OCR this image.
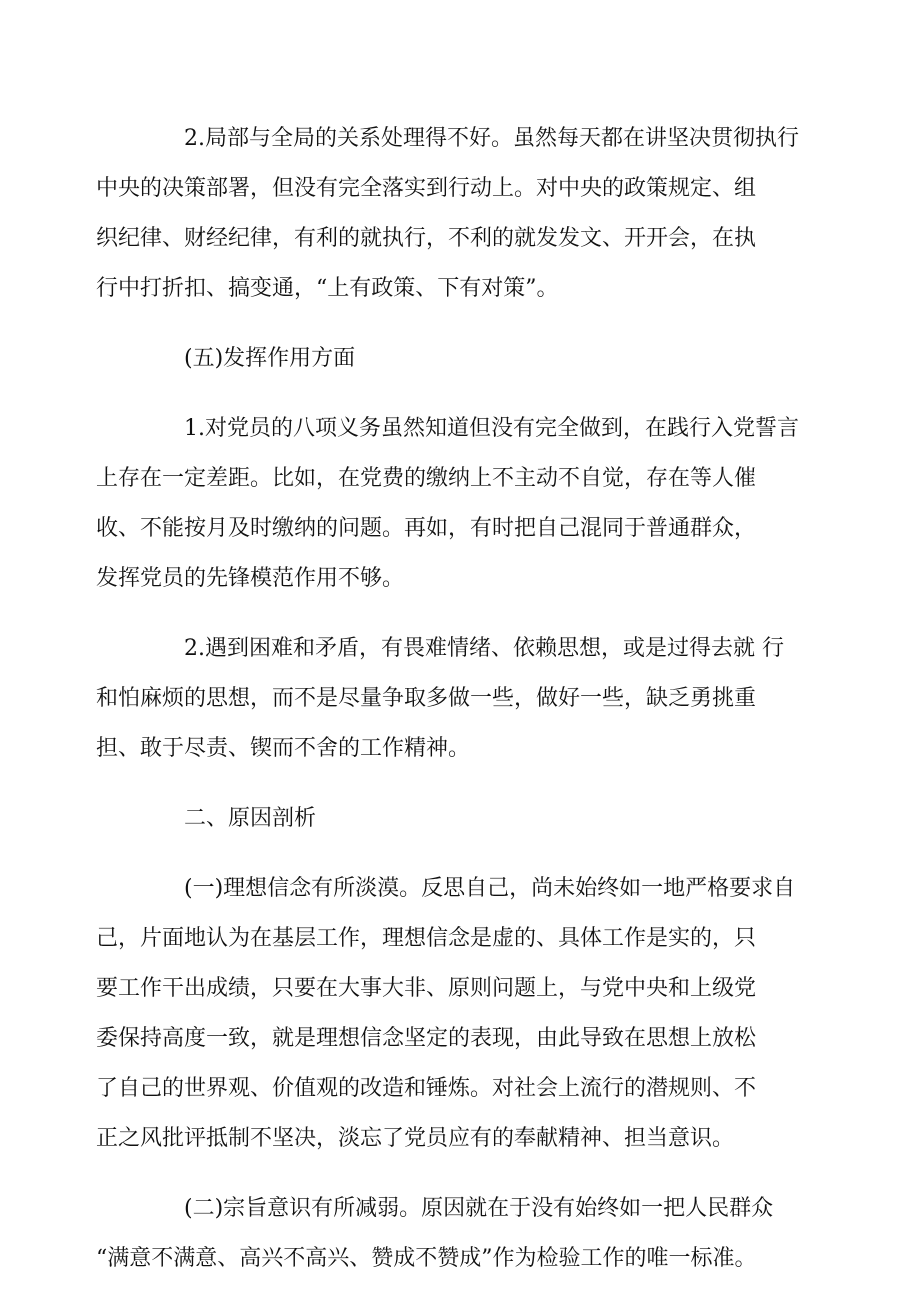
2.局部与全局的关系处理得不好。虽然每天都在讲坚决贯彻执行
中央的决策部署，但没有完全落实到行动上。对中央的政策规定、组
织纪律、财经纪律，有利的就执行，不利的就发发文、开开会，在执
行中打折扣、搞变通，“上有政策、下有对策”。
(五)发挥作用方面
1.对党员的八项义务虽然知道但没有完全做到，在践行入党誓言
上存在一定差距。比如，在党费的缴纳上不主动不自觉，存在等人催
收、不能按月及时缴纳的问题。再如，有时把自己混同于普通群众，
发挥党员的先锋模范作用不够。
2.遇到困难和矛盾，有畏难情绪、依赖思想，或是过得去就 行
和怕麻烦的思想，而不是尽量争取多做一些，做好一些，缺乏勇挑重
担、敢于尽责、锲而不舍的工作精神。
二、原因剖析
(一)理想信念有所淡漠。反思自己，尚未始终如一地严格要求自
己，片面地认为在基层工作，理想信念是虚的、具体工作是实的，只
要工作干出成绩，只要在大事大非、原则问题上，与党中央和上级党
委保持高度一致，就是理想信念坚定的表现，由此导致在思想上放松
了自己的世界观、价值观的改造和锤炼。对社会上流行的潜规则、不
正之风批评抵制不坚决，淡忘了党员应有的奉献精神、担当意识。
(二)宗旨意识有所减弱。原因就在于没有始终如一把人民群众
“满意不满意、高兴不高兴、赞成不赞成”作为检验工作的唯一标准。
